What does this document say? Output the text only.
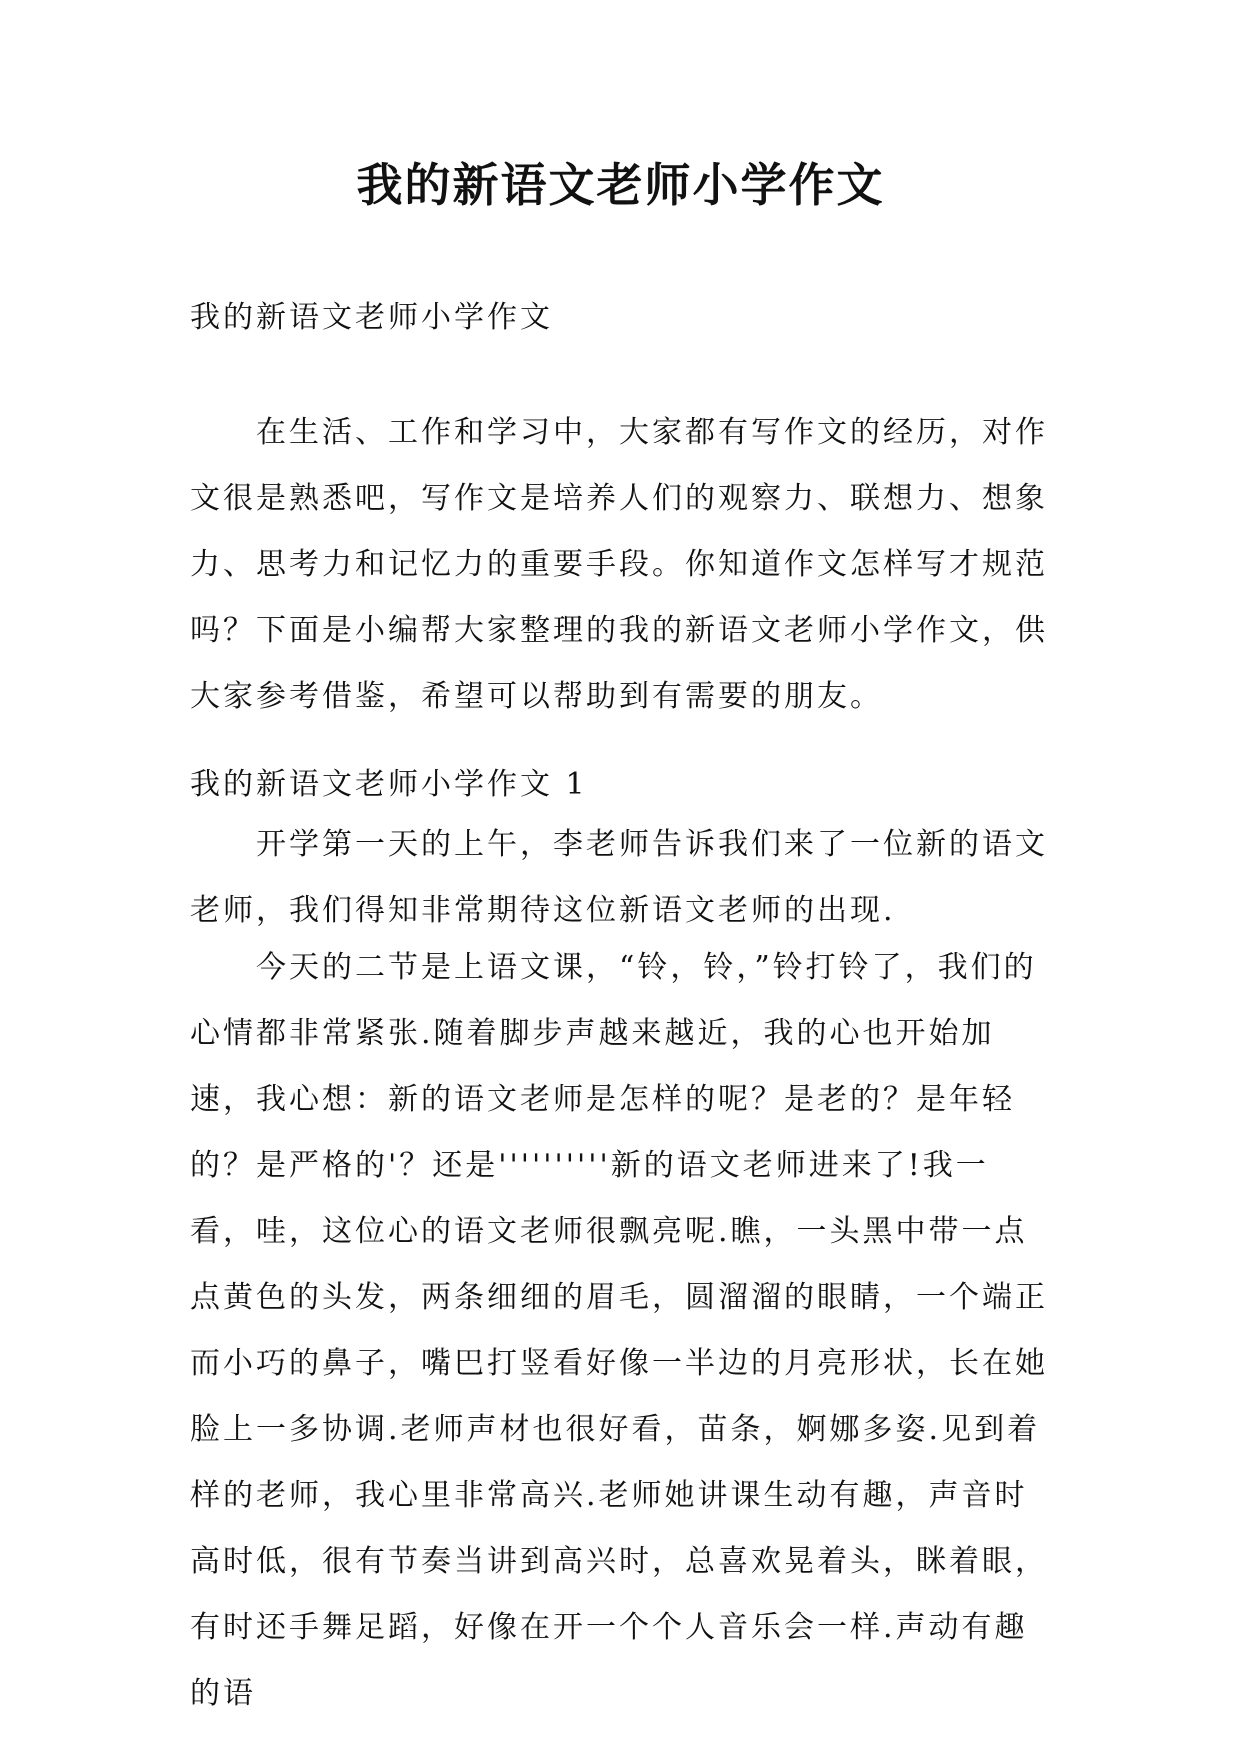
我的新语文老师小学作文

我的新语文老师小学作文

在生活、工作和学习中，大家都有写作文的经历，对作文很是熟悉吧，写作文是培养人们的观察力、联想力、想象力、思考力和记忆力的重要手段。你知道作文怎样写才规范吗？下面是小编帮大家整理的我的新语文老师小学作文，供大家参考借鉴，希望可以帮助到有需要的朋友。

我的新语文老师小学作文 1

开学第一天的上午，李老师告诉我们来了一位新的语文老师，我们得知非常期待这位新语文老师的出现.

今天的二节是上语文课，“铃，铃，”铃打铃了，我们的心情都非常紧张.随着脚步声越来越近，我的心也开始加速，我心想：新的语文老师是怎样的呢？是老的？是年轻的？是严格的'？还是''''''''''新的语文老师进来了!我一看，哇，这位心的语文老师很飘亮呢.瞧，一头黑中带一点点黄色的头发，两条细细的眉毛，圆溜溜的眼睛，一个端正而小巧的鼻子，嘴巴打竖看好像一半边的月亮形状，长在她脸上一多协调.老师声材也很好看，苗条，婀娜多姿.见到着样的老师，我心里非常高兴.老师她讲课生动有趣，声音时高时低，很有节奏当讲到高兴时，总喜欢晃着头，眯着眼，有时还手舞足蹈，好像在开一个个人音乐会一样.声动有趣的语
